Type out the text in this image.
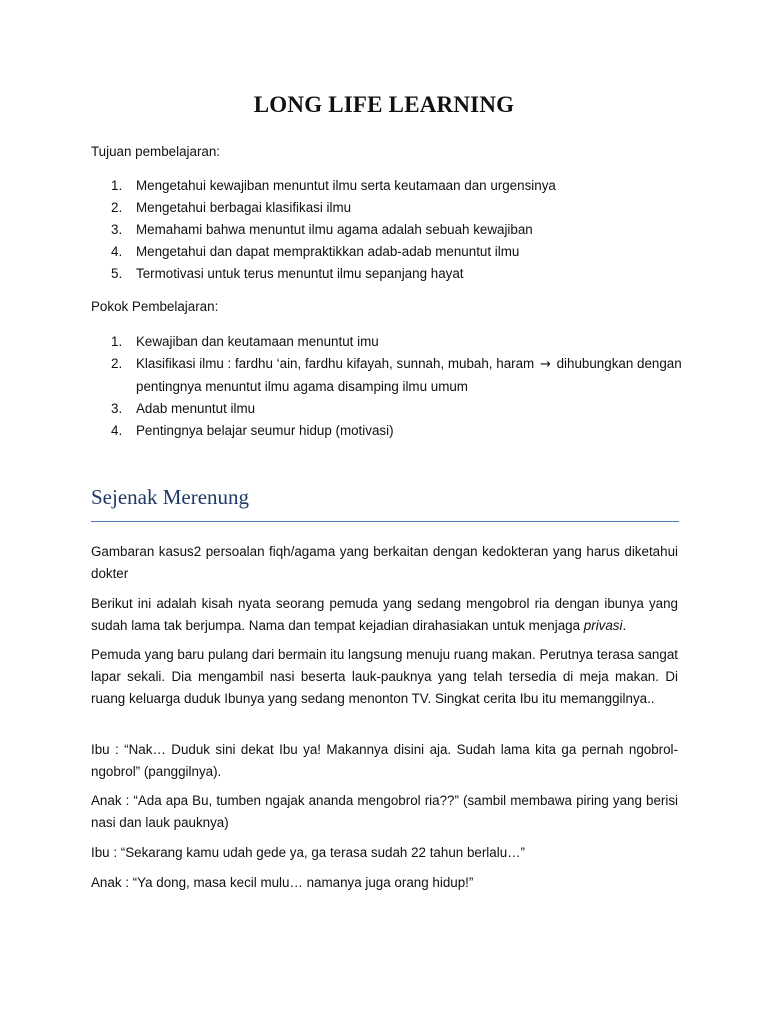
LONG LIFE LEARNING
Tujuan pembelajaran:
1. Mengetahui kewajiban menuntut ilmu serta keutamaan dan urgensinya
2. Mengetahui berbagai klasifikasi ilmu
3. Memahami bahwa menuntut ilmu agama adalah sebuah kewajiban
4. Mengetahui dan dapat mempraktikkan adab-adab menuntut ilmu
5. Termotivasi untuk terus menuntut ilmu sepanjang hayat
Pokok Pembelajaran:
1. Kewajiban dan keutamaan menuntut imu
2. Klasifikasi ilmu : fardhu ‘ain, fardhu kifayah, sunnah, mubah, haram → dihubungkan dengan pentingnya menuntut ilmu agama disamping ilmu umum
3. Adab menuntut ilmu
4. Pentingnya belajar seumur hidup (motivasi)
Sejenak Merenung

Gambaran kasus2 persoalan fiqh/agama yang berkaitan dengan kedokteran yang harus diketahui dokter

Berikut ini adalah kisah nyata seorang pemuda yang sedang mengobrol ria dengan ibunya yang sudah lama tak berjumpa. Nama dan tempat kejadian dirahasiakan untuk menjaga privasi.

Pemuda yang baru pulang dari bermain itu langsung menuju ruang makan. Perutnya terasa sangat lapar sekali. Dia mengambil nasi beserta lauk-pauknya yang telah tersedia di meja makan. Di ruang keluarga duduk Ibunya yang sedang menonton TV. Singkat cerita Ibu itu memanggilnya..

Ibu : “Nak… Duduk sini dekat Ibu ya! Makannya disini aja. Sudah lama kita ga pernah ngobrol-ngobrol” (panggilnya).

Anak : “Ada apa Bu, tumben ngajak ananda mengobrol ria??” (sambil membawa piring yang berisi nasi dan lauk pauknya)

Ibu : “Sekarang kamu udah gede ya, ga terasa sudah 22 tahun berlalu…”

Anak : “Ya dong, masa kecil mulu… namanya juga orang hidup!”
